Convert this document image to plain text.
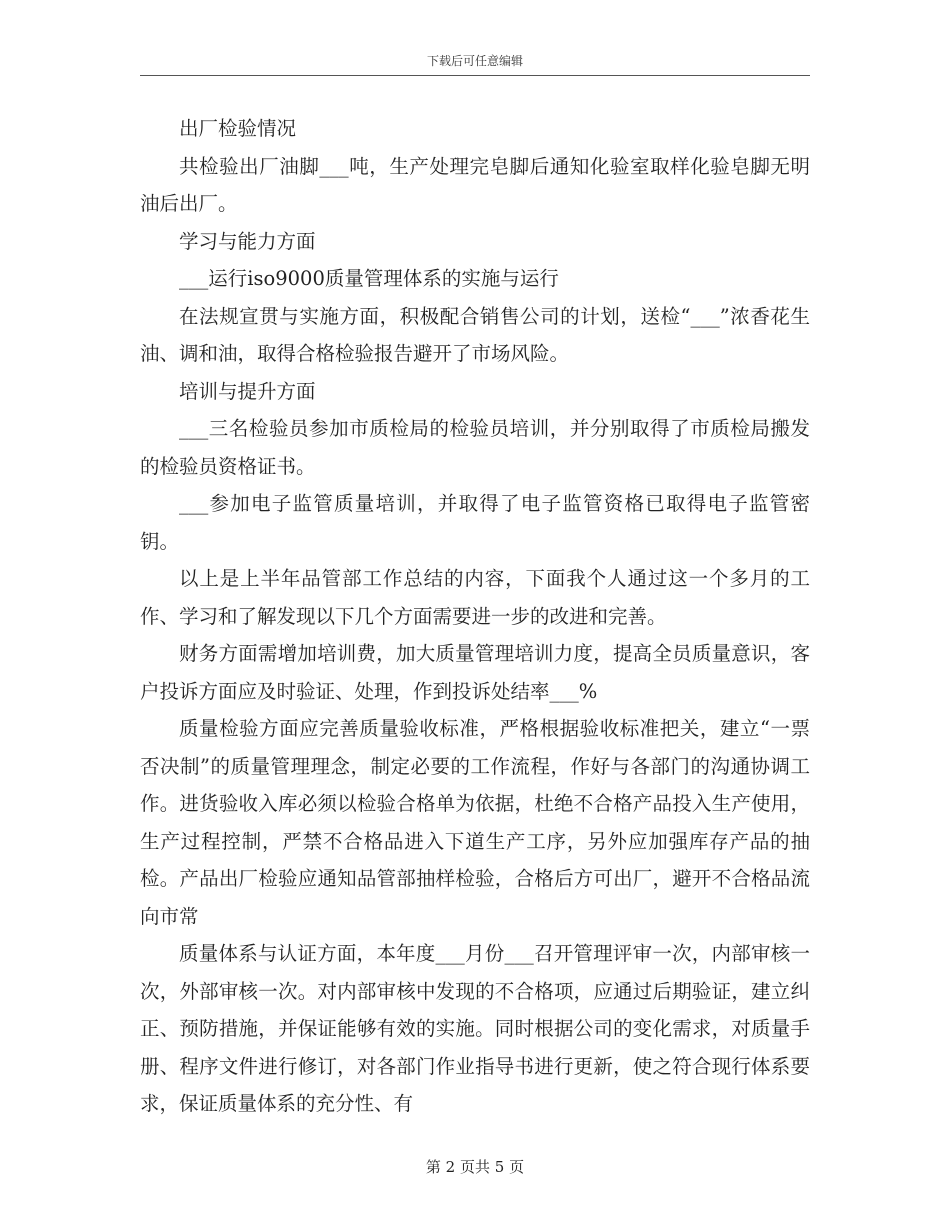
下载后可任意编辑

出厂检验情况

共检验出厂油脚___吨，生产处理完皂脚后通知化验室取样化验皂脚无明油后出厂。

学习与能力方面

___运行iso9000质量管理体系的实施与运行

在法规宣贯与实施方面，积极配合销售公司的计划，送检“___”浓香花生油、调和油，取得合格检验报告避开了市场风险。

培训与提升方面

___三名检验员参加市质检局的检验员培训，并分别取得了市质检局搬发的检验员资格证书。

___参加电子监管质量培训，并取得了电子监管资格已取得电子监管密钥。

以上是上半年品管部工作总结的内容，下面我个人通过这一个多月的工作、学习和了解发现以下几个方面需要进一步的改进和完善。

财务方面需增加培训费，加大质量管理培训力度，提高全员质量意识，客户投诉方面应及时验证、处理，作到投诉处结率___%

质量检验方面应完善质量验收标准，严格根据验收标准把关，建立“一票否决制”的质量管理理念，制定必要的工作流程，作好与各部门的沟通协调工作。进货验收入库必须以检验合格单为依据，杜绝不合格产品投入生产使用，生产过程控制，严禁不合格品进入下道生产工序，另外应加强库存产品的抽检。产品出厂检验应通知品管部抽样检验，合格后方可出厂，避开不合格品流向市常

质量体系与认证方面，本年度___月份___召开管理评审一次，内部审核一次，外部审核一次。对内部审核中发现的不合格项，应通过后期验证，建立纠正、预防措施，并保证能够有效的实施。同时根据公司的变化需求，对质量手册、程序文件进行修订，对各部门作业指导书进行更新，使之符合现行体系要求，保证质量体系的充分性、有

第 2 页共 5 页
